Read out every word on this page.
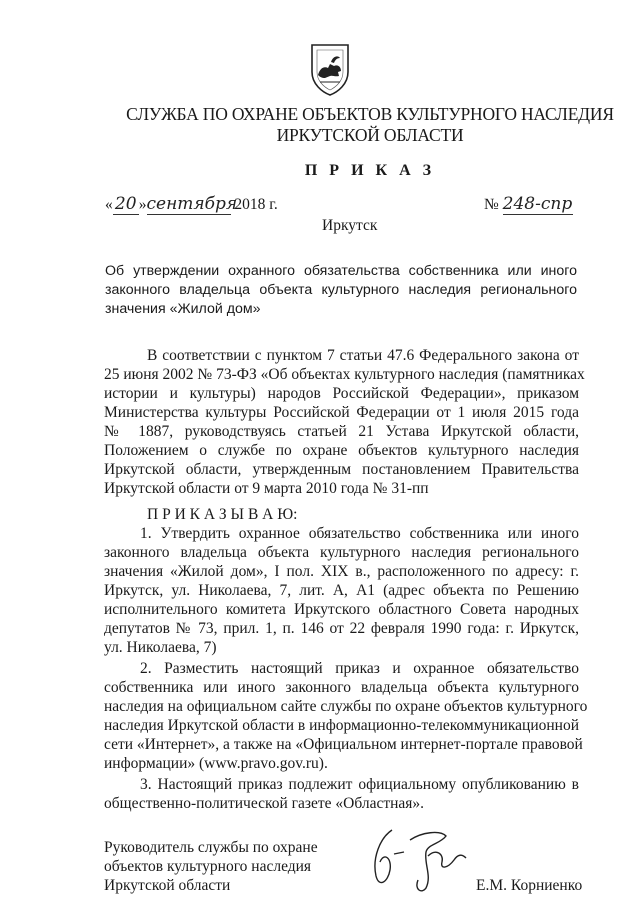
СЛУЖБА ПО ОХРАНЕ ОБЪЕКТОВ КУЛЬТУРНОГО НАСЛЕДИЯ
ИРКУТСКОЙ ОБЛАСТИ
П Р И К А З
« 20 »сентября 2018 г.	№ 248-спр
Иркутск
Об утверждении охранного обязательства собственника или иного
законного владельца объекта культурного наследия регионального
значения «Жилой дом»
В соответствии с пунктом 7 статьи 47.6 Федерального закона от
25 июня 2002 № 73-ФЗ «Об объектах культурного наследия (памятниках
истории и культуры) народов Российской Федерации», приказом
Министерства культуры Российской Федерации от 1 июля 2015 года
№ 1887, руководствуясь статьей 21 Устава Иркутской области,
Положением о службе по охране объектов культурного наследия
Иркутской области, утвержденным постановлением Правительства
Иркутской области от 9 марта 2010 года № 31-пп
П Р И К А З Ы В А Ю:
1. Утвердить охранное обязательство собственника или иного
законного владельца объекта культурного наследия регионального
значения «Жилой дом», I пол. XIX в., расположенного по адресу: г.
Иркутск, ул. Николаева, 7, лит. А, А1 (адрес объекта по Решению
исполнительного комитета Иркутского областного Совета народных
депутатов № 73, прил. 1, п. 146 от 22 февраля 1990 года: г. Иркутск,
ул. Николаева, 7)
2. Разместить настоящий приказ и охранное обязательство
собственника или иного законного владельца объекта культурного
наследия на официальном сайте службы по охране объектов культурного
наследия Иркутской области в информационно-телекоммуникационной
сети «Интернет», а также на «Официальном интернет-портале правовой
информации» (www.pravo.gov.ru).
3. Настоящий приказ подлежит официальному опубликованию в
общественно-политической газете «Областная».
Руководитель службы по охране
объектов культурного наследия
Иркутской области	Е.М. Корниенко
